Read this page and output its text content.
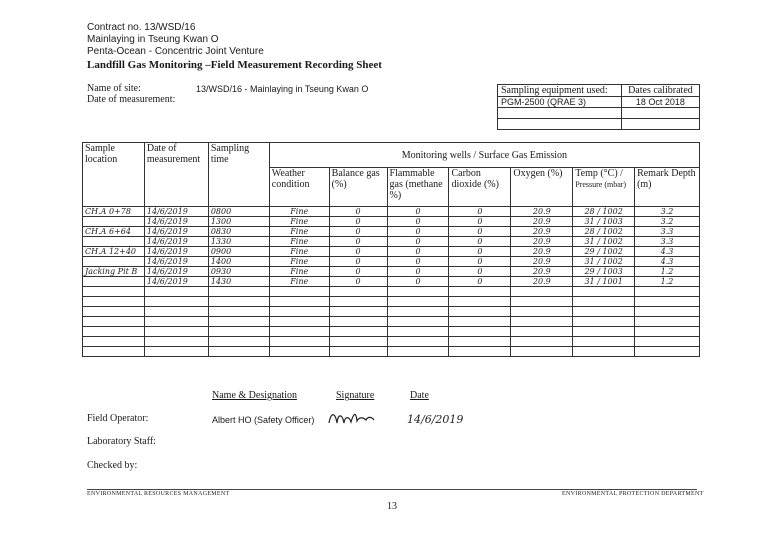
Contract no. 13/WSD/16
Mainlaying in Tseung Kwan O
Penta-Ocean - Concentric Joint Venture
Landfill Gas Monitoring –Field Measurement Recording Sheet
Name of site:	13/WSD/16 - Mainlaying in Tseung Kwan O
Date of measurement:
Sampling equipment used:	Dates calibrated
PGM-2500 (QRAE 3)	18 Oct 2018

Sample location	Date of measurement	Sampling time	Monitoring wells / Surface Gas Emission						
			Weather condition	Balance gas (%)	Flammable gas (methane %)	Carbon dioxide (%)	Oxygen (%)	Temp (°C) /
Pressure (mbar)	Remark Depth (m)
CH.A 0+78	14/6/2019	0800	Fine	0	0	0	20.9	28 / 1002	3.2
	14/6/2019	1300	Fine	0	0	0	20.9	31 / 1003	3.2
CH.A 6+64	14/6/2019	0830	Fine	0	0	0	20.9	28 / 1002	3.3
	14/6/2019	1330	Fine	0	0	0	20.9	31 / 1002	3.3
CH.A 12+40	14/6/2019	0900	Fine	0	0	0	20.9	29 / 1002	4.3
	14/6/2019	1400	Fine	0	0	0	20.9	31 / 1002	4.3
Jacking Pit B	14/6/2019	0930	Fine	0	0	0	20.9	29 / 1003	1.2
	14/6/2019	1430	Fine	0	0	0	20.9	31 / 1001	1.2

Name & Designation	Signature	Date
Field Operator:	Albert HO (Safety Officer)	14/6/2019
Laboratory Staff:
Checked by:
ENVIRONMENTAL RESOURCES MANAGEMENT	ENVIRONMENTAL PROTECTION DEPARTMENT
13
